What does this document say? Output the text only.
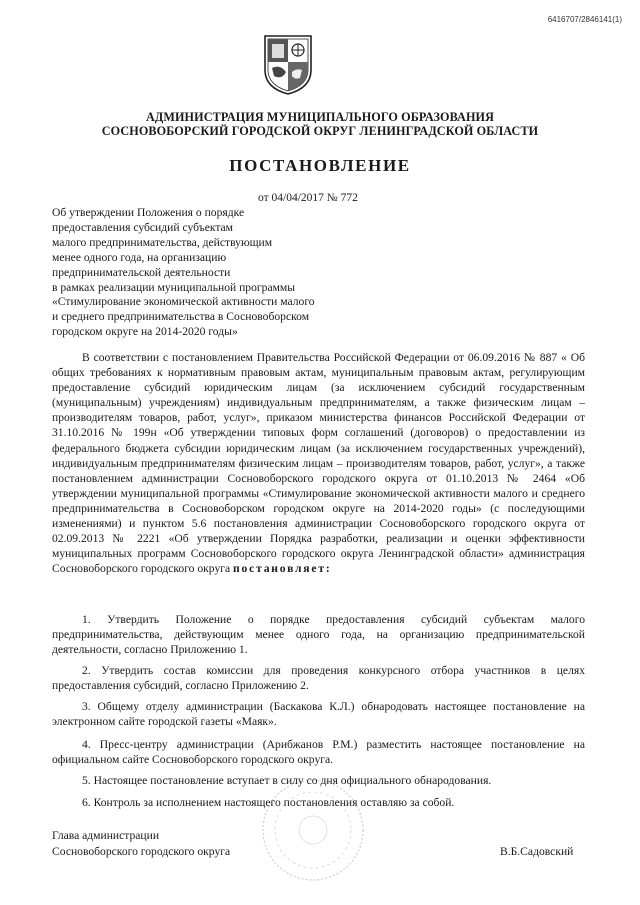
6416707/2846141(1)
АДМИНИСТРАЦИЯ МУНИЦИПАЛЬНОГО ОБРАЗОВАНИЯ
СОСНОВОБОРСКИЙ ГОРОДСКОЙ ОКРУГ ЛЕНИНГРАДСКОЙ ОБЛАСТИ
ПОСТАНОВЛЕНИЕ
от 04/04/2017 № 772
Об утверждении Положения о порядке
предоставления субсидий субъектам
малого предпринимательства, действующим
менее одного года, на организацию
предпринимательской деятельности
в рамках реализации муниципальной программы
«Стимулирование экономической активности малого
и среднего предпринимательства в Сосновоборском
городском округе на 2014-2020 годы»

В соответствии с постановлением Правительства Российской Федерации от 06.09.2016 № 887 « Об общих требованиях к нормативным правовым актам, муниципальным правовым актам, регулирующим предоставление субсидий юридическим лицам (за исключением субсидий государственным (муниципальным) учреждениям) индивидуальным предпринимателям, а также физическим лицам – производителям товаров, работ, услуг», приказом министерства финансов Российской Федерации от 31.10.2016 № 199н «Об утверждении типовых форм соглашений (договоров) о предоставлении из федерального бюджета субсидии юридическим лицам (за исключением государственных учреждений), индивидуальным предпринимателям физическим лицам – производителям товаров, работ, услуг», а также постановлением администрации Сосновоборского городского округа от 01.10.2013 № 2464 «Об утверждении муниципальной программы «Стимулирование экономической активности малого и среднего предпринимательства в Сосновоборском городском округе на 2014-2020 годы» (с последующими изменениями) и пунктом 5.6 постановления администрации Сосновоборского городского округа от 02.09.2013 № 2221 «Об утверждении Порядка разработки, реализации и оценки эффективности муниципальных программ Сосновоборского городского округа Ленинградской области» администрация Сосновоборского городского округа постановляет:

1. Утвердить Положение о порядке предоставления субсидий субъектам малого предпринимательства, действующим менее одного года, на организацию предпринимательской деятельности, согласно Приложению 1.

2. Утвердить состав комиссии для проведения конкурсного отбора участников в целях предоставления субсидий, согласно Приложению 2.

3. Общему отделу администрации (Баскакова К.Л.) обнародовать настоящее постановление на электронном сайте городской газеты «Маяк».

4. Пресс-центру администрации (Арибжанов Р.М.) разместить настоящее постановление на официальном сайте Сосновоборского городского округа.

5. Настоящее постановление вступает в силу со дня официального обнародования.

6. Контроль за исполнением настоящего постановления оставляю за собой.

Глава администрации
Сосновоборского городского округа	В.Б.Садовский
